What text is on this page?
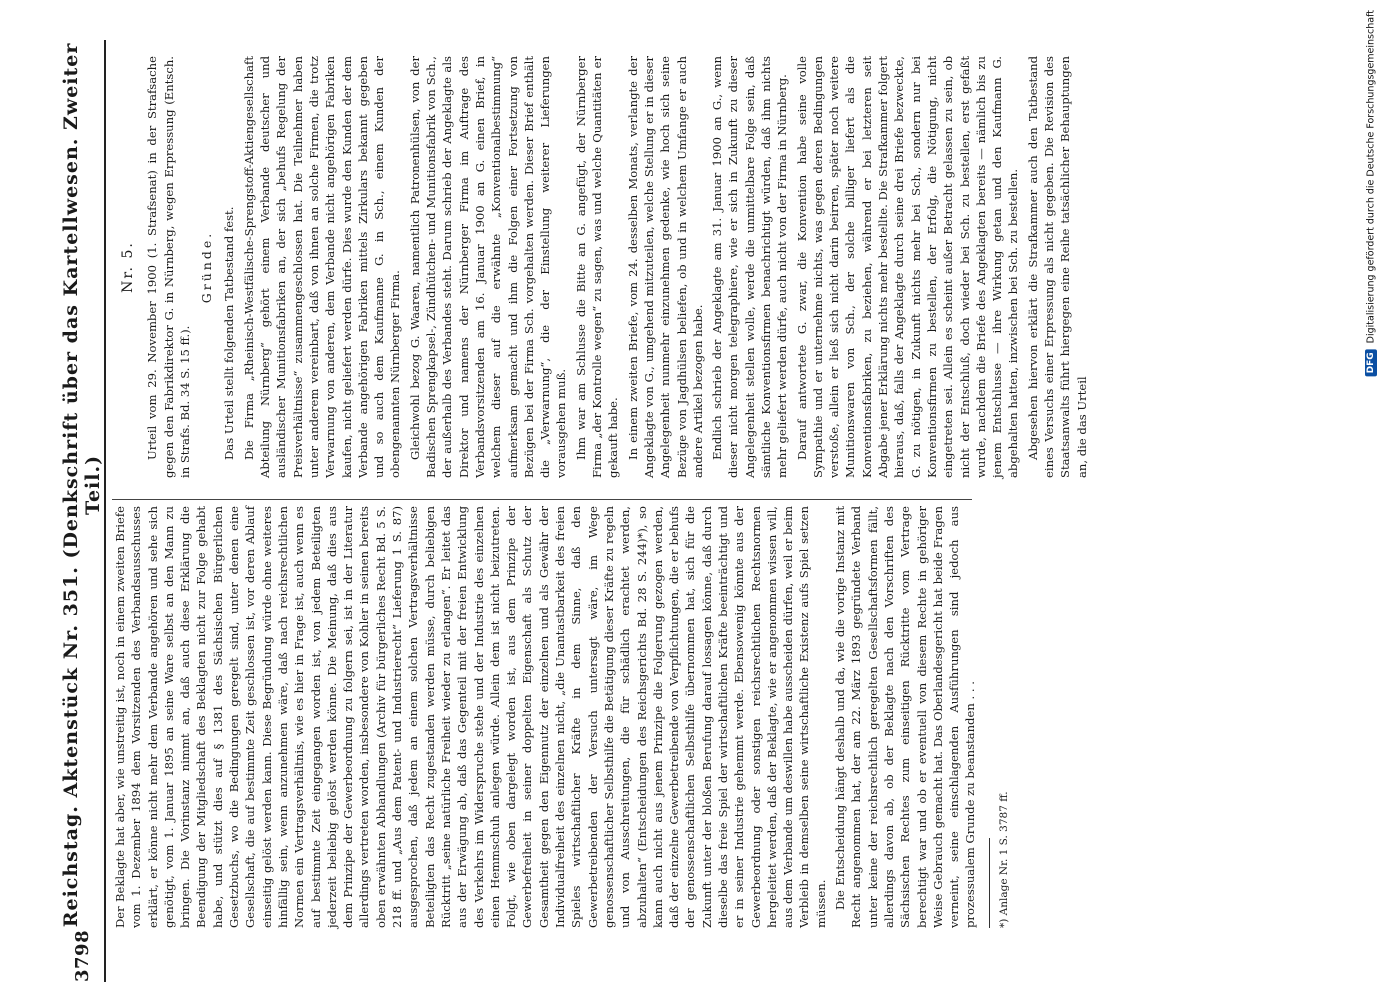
3798
Reichstag. Aktenstück Nr. 351. (Denkschrift über das Kartellwesen. Zweiter Teil.)

Der Beklagte hat aber, wie unstreitig ist, noch in einem zweiten Briefe vom 1. Dezember 1894 dem Vorsitzenden des Verbandsausschusses erklärt, er könne nicht mehr dem Verbande angehören und sehe sich genötigt, vom 1. Januar 1895 an seine Ware selbst an den Mann zu bringen. Die Vorinstanz nimmt an, daß auch diese Erklärung die Beendigung der Mitgliedschaft des Beklagten nicht zur Folge gehabt habe, und stützt dies auf § 1381 des Sächsischen Bürgerlichen Gesetzbuchs, wo die Bedingungen geregelt sind, unter denen eine Gesellschaft, die auf bestimmte Zeit geschlossen ist, vor deren Ablauf einseitig gelöst werden kann. Diese Begründung würde ohne weiteres hinfällig sein, wenn anzunehmen wäre, daß nach reichsrechtlichen Normen ein Vertragsverhältnis, wie es hier in Frage ist, auch wenn es auf bestimmte Zeit eingegangen worden ist, von jedem Beteiligten jederzeit beliebig gelöst werden könne. Die Meinung, daß dies aus dem Prinzipe der Gewerbeordnung zu folgern sei, ist in der Literatur allerdings vertreten worden, insbesondere von Kohler in seinen bereits oben erwähnten Abhandlungen (Archiv für bürgerliches Recht Bd. 5 S. 218 ff. und „Aus dem Patent- und Industrierecht“ Lieferung 1 S. 87) ausgesprochen, daß jedem an einem solchen Vertragsverhältnisse Beteiligten das Recht zugestanden werden müsse, durch beliebigen Rücktritt „seine natürliche Freiheit wieder zu erlangen“. Er leitet das aus der Erwägung ab, daß das Gegenteil mit der freien Entwicklung des Verkehrs im Widerspruche stehe und der Industrie des einzelnen einen Hemmschuh anlegen würde. Allein dem ist nicht beizutreten. Folgt, wie oben dargelegt worden ist, aus dem Prinzipe der Gewerbefreiheit in seiner doppelten Eigenschaft als Schutz der Gesamtheit gegen den Eigennutz der einzelnen und als Gewähr der Individualfreiheit des einzelnen nicht, „die Unantastbarkeit des freien Spieles wirtschaftlicher Kräfte in dem Sinne, daß den Gewerbetreibenden der Versuch untersagt wäre, im Wege genossenschaftlicher Selbsthilfe die Betätigung dieser Kräfte zu regeln und von Ausschreitungen, die für schädlich erachtet werden, abzuhalten“ (Entscheidungen des Reichsgerichts Bd. 28 S. 244)*), so kann auch nicht aus jenem Prinzipe die Folgerung gezogen werden, daß der einzelne Gewerbetreibende von Verpflichtungen, die er behufs der genossenschaftlichen Selbsthilfe übernommen hat, sich für die Zukunft unter der bloßen Berufung darauf lossagen könne, daß durch dieselbe das freie Spiel der wirtschaftlichen Kräfte beeinträchtigt und er in seiner Industrie gehemmt werde. Ebensowenig könnte aus der Gewerbeordnung oder sonstigen reichsrechtlichen Rechtsnormen hergeleitet werden, daß der Beklagte, wie er angenommen wissen will, aus dem Verbande um deswillen habe ausscheiden dürfen, weil er beim Verbleib in demselben seine wirtschaftliche Existenz aufs Spiel setzen müssen. Die Entscheidung hängt deshalb und da, wie die vorige Instanz mit Recht angenommen hat, der am 22. März 1893 gegründete Verband unter keine der reichsrechtlich geregelten Gesellschaftsformen fällt, allerdings davon ab, ob der Beklagte nach den Vorschriften des Sächsischen Rechtes zum einseitigen Rücktritte vom Vertrage berechtigt war und ob er eventuell von diesem Rechte in gehöriger Weise Gebrauch gemacht hat. Das Oberlandesgericht hat beide Fragen verneint, seine einschlagenden Ausführungen sind jedoch aus prozessualem Grunde zu beanstanden . . . *) Anlage Nr. 1 S. 3787 ff.
Nr. 5. Urteil vom 29. November 1900 (1. Strafsenat) in der Strafsache gegen den Fabrikdirektor G. in Nürnberg, wegen Erpressung (Entsch. in Strafs. Bd. 34 S. 15 ff.).

Gründe. Das Urteil stellt folgenden Tatbestand fest. Die Firma „Rheinisch-Westfälische-Sprengstoff-Aktiengesellschaft Abteilung Nürnberg“ gehört einem Verbande deutscher und ausländischer Munitionsfabriken an, der sich „behufs Regelung der Preisverhältnisse“ zusammengeschlossen hat. Die Teilnehmer haben unter anderem vereinbart, daß von ihnen an solche Firmen, die trotz Verwarnung von anderen, dem Verbande nicht angehörigen Fabriken kaufen, nicht geliefert werden dürfe. Dies wurde den Kunden der dem Verbande angehörigen Fabriken mittels Zirkulars bekannt gegeben und so auch dem Kaufmanne G. in Sch., einem Kunden der obengenannten Nürnberger Firma. Gleichwohl bezog G. Waaren, namentlich Patronenhülsen, von der Badischen Sprengkapsel-, Zündhütchen- und Munitionsfabrik von Sch., der außerhalb des Verbandes steht. Darum schrieb der Angeklagte als Direktor und namens der Nürnberger Firma im Auftrage des Verbandsvorsitzenden am 16. Januar 1900 an G. einen Brief, in welchem dieser auf die erwähnte „Konventionalbestimmung“ aufmerksam gemacht und ihm die Folgen einer Fortsetzung von Bezügen bei der Firma Sch. vorgehalten werden. Dieser Brief enthält die „Verwarnung“, die der Einstellung weiterer Lieferungen vorausgehen muß. Ihm war am Schlusse die Bitte an G. angefügt, der Nürnberger Firma „der Kontrolle wegen“ zu sagen, was und welche Quantitäten er gekauft habe. In einem zweiten Briefe, vom 24. desselben Monats, verlangte der Angeklagte von G., umgehend mitzuteilen, welche Stellung er in dieser Angelegenheit nunmehr einzunehmen gedenke, wie hoch sich seine Bezüge von Jagdhülsen beliefen, ob und in welchem Umfange er auch andere Artikel bezogen habe. Endlich schrieb der Angeklagte am 31. Januar 1900 an G., wenn dieser nicht morgen telegraphiere, wie er sich in Zukunft zu dieser Angelegenheit stellen wolle, werde die unmittelbare Folge sein, daß sämtliche Konventionsfirmen benachrichtigt würden, daß ihm nichts mehr geliefert werden dürfe, auch nicht von der Firma in Nürnberg. Darauf antwortete G. zwar, die Konvention habe seine volle Sympathie und er unternehme nichts, was gegen deren Bedingungen verstoße, allein er ließ sich nicht darin beirren, später noch weitere Munitionswaren von Sch., der solche billiger liefert als die Konventionsfabriken, zu beziehen, während er bei letzteren seit Abgabe jener Erklärung nichts mehr bestellte. Die Strafkammer folgert hieraus, daß, falls der Angeklagte durch seine drei Briefe bezweckte, G. zu nötigen, in Zukunft nichts mehr bei Sch., sondern nur bei Konventionsfirmen zu bestellen, der Erfolg, die Nötigung, nicht eingetreten sei. Allein es scheint außer Betracht gelassen zu sein, ob nicht der Entschluß, doch wieder bei Sch. zu bestellen, erst gefaßt wurde, nachdem die Briefe des Angeklagten bereits — nämlich bis zu jenem Entschlusse — ihre Wirkung getan und den Kaufmann G. abgehalten hatten, inzwischen bei Sch. zu bestellen. Abgesehen hiervon erklärt die Strafkammer auch den Tatbestand eines Versuchs einer Erpressung als nicht gegeben. Die Revision des Staatsanwalts führt hiergegen eine Reihe tatsächlicher Behauptungen an, die das Urteil

DFG
Digitalisierung gefördert durch die Deutsche Forschungsgemeinschaft
